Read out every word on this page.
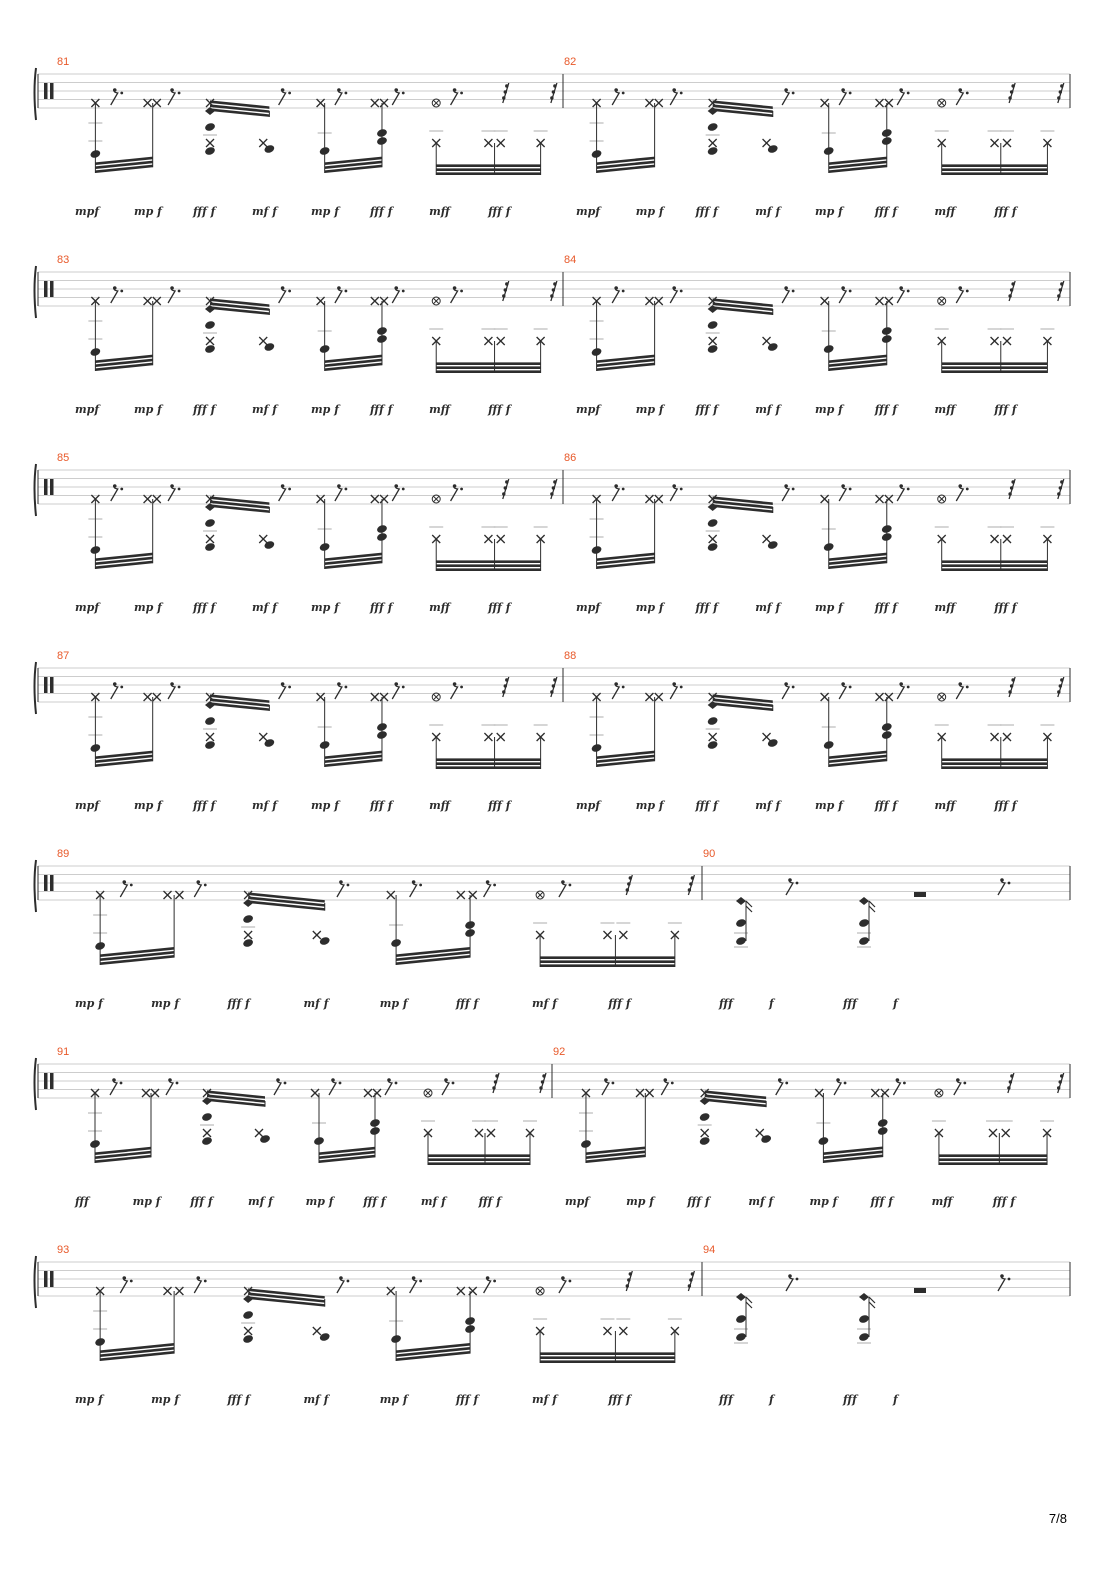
7/8
81
mpf	mp f	fff f	mf f	mp f	fff f	mff	fff f
82
mpf	mp f	fff f	mf f	mp f	fff f	mff	fff f
83
mpf	mp f	fff f	mf f	mp f	fff f	mff	fff f
84
mpf	mp f	fff f	mf f	mp f	fff f	mff	fff f
85
mpf	mp f	fff f	mf f	mp f	fff f	mff	fff f
86
mpf	mp f	fff f	mf f	mp f	fff f	mff	fff f
87
mpf	mp f	fff f	mf f	mp f	fff f	mff	fff f
88
mpf	mp f	fff f	mf f	mp f	fff f	mff	fff f
89
mp f	mp f	fff f	mf f	mp f	fff f	mf f	fff f
90
fff	f	fff	f
91
fff	mp f	fff f	mf f	mp f	fff f	mf f	fff f
92
mpf	mp f	fff f	mf f	mp f	fff f	mff	fff f
93
mp f	mp f	fff f	mf f	mp f	fff f	mf f	fff f
94
fff	f	fff	f
